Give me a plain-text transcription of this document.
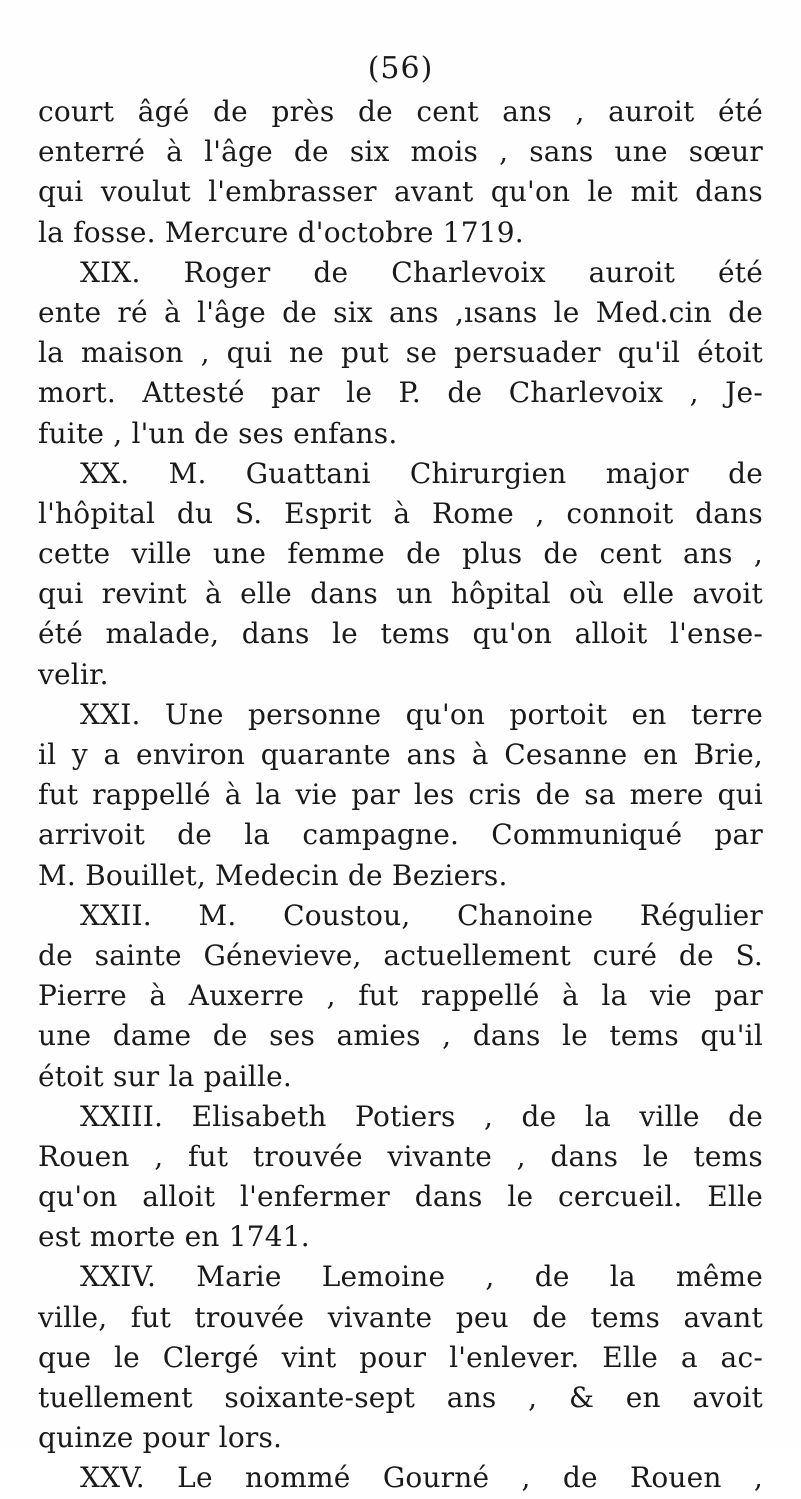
(56)
court âgé de près de cent ans , auroit été
enterré à l'âge de six mois , sans une sœur
qui voulut l'embrasser avant qu'on le mit dans
la fosse. Mercure d'octobre 1719.
XIX. Roger de Charlevoix auroit été
ente ré à l'âge de six ans ,ısans le Med.cin de
la maison , qui ne put se persuader qu'il étoit
mort. Attesté par le P. de Charlevoix , Je-
fuite , l'un de ses enfans.
XX. M. Guattani Chirurgien major de
l'hôpital du S. Esprit à Rome , connoit dans
cette ville une femme de plus de cent ans ,
qui revint à elle dans un hôpital où elle avoit
été malade, dans le tems qu'on alloit l'ense-
velir.
XXI. Une personne qu'on portoit en terre
il y a environ quarante ans à Cesanne en Brie,
fut rappellé à la vie par les cris de sa mere qui
arrivoit de la campagne. Communiqué par
M. Bouillet, Medecin de Beziers.
XXII. M. Coustou, Chanoine Régulier
de sainte Génevieve, actuellement curé de S.
Pierre à Auxerre , fut rappellé à la vie par
une dame de ses amies , dans le tems qu'il
étoit sur la paille.
XXIII. Elisabeth Potiers , de la ville de
Rouen , fut trouvée vivante , dans le tems
qu'on alloit l'enfermer dans le cercueil. Elle
est morte en 1741.
XXIV. Marie Lemoine , de la même
ville, fut trouvée vivante peu de tems avant
que le Clergé vint pour l'enlever. Elle a ac-
tuellement soixante-sept ans , & en avoit
quinze pour lors.
XXV. Le nommé Gourné , de Rouen ,
